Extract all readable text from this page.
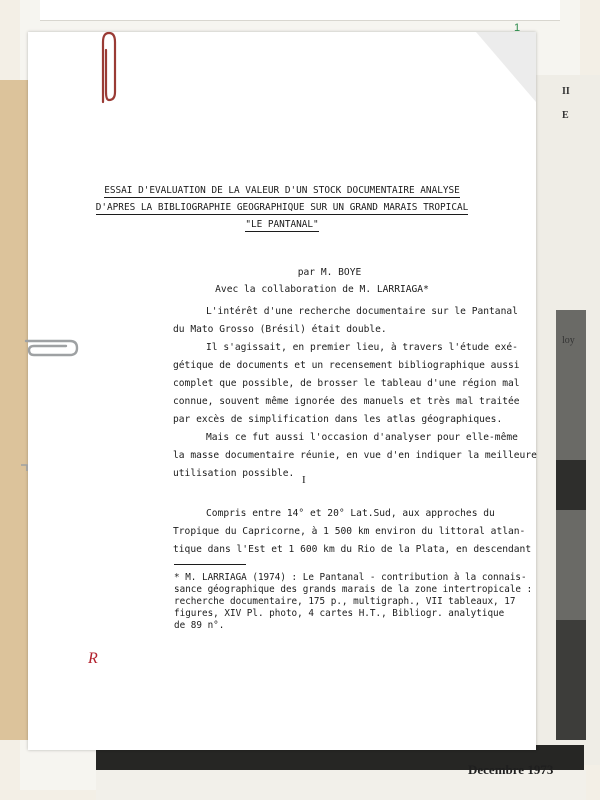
II
E
loy
Decembre 1973
ESSAI D'EVALUATION DE LA VALEUR D'UN STOCK DOCUMENTAIRE ANALYSE
D'APRES LA BIBLIOGRAPHIE GEOGRAPHIQUE SUR UN GRAND MARAIS TROPICAL
"LE PANTANAL"
par M. BOYE
Avec la collaboration de M. LARRIAGA*
L'intérêt d'une recherche documentaire sur le Pantanal
du Mato Grosso (Brésil) était double.
Il s'agissait, en premier lieu, à travers l'étude exé-
gétique de documents et un recensement bibliographique aussi
complet que possible, de brosser le tableau d'une région mal
connue, souvent même ignorée des manuels et très mal traitée
par excès de simplification dans les atlas géographiques.
Mais ce fut aussi l'occasion d'analyser pour elle-même
la masse documentaire réunie, en vue d'en indiquer la meilleure
utilisation possible.
I
Compris entre 14° et 20° Lat.Sud, aux approches du
Tropique du Capricorne, à 1 500 km environ du littoral atlan-
tique dans l'Est et 1 600 km du Rio de la Plata, en descendant
* M. LARRIAGA (1974) : Le Pantanal - contribution à la connais-
sance géographique des grands marais de la zone intertropicale :
recherche documentaire, 175 p., multigraph., VII tableaux, 17
figures, XIV Pl. photo, 4 cartes H.T., Bibliogr. analytique
de 89 n°.
R
1
